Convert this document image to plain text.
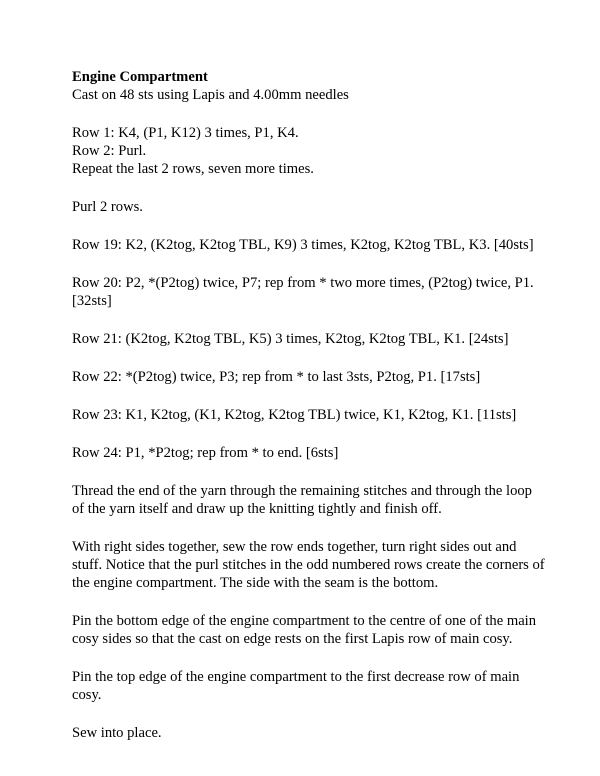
Engine Compartment

Cast on 48 sts using Lapis and 4.00mm needles

Row 1: K4, (P1, K12) 3 times, P1, K4.

Row 2: Purl.

Repeat the last 2 rows, seven more times.

Purl 2 rows.

Row 19: K2, (K2tog, K2tog TBL, K9) 3 times, K2tog, K2tog TBL, K3. [40sts]

Row 20: P2, *(P2tog) twice, P7; rep from * two more times, (P2tog) twice, P1.

[32sts]

Row 21: (K2tog, K2tog TBL, K5) 3 times, K2tog, K2tog TBL, K1. [24sts]

Row 22: *(P2tog) twice, P3; rep from * to last 3sts, P2tog, P1. [17sts]

Row 23: K1, K2tog, (K1, K2tog, K2tog TBL) twice, K1, K2tog, K1. [11sts]

Row 24: P1, *P2tog; rep from * to end. [6sts]

Thread the end of the yarn through the remaining stitches and through the loop

of the yarn itself and draw up the knitting tightly and finish off.

With right sides together, sew the row ends together, turn right sides out and

stuff. Notice that the purl stitches in the odd numbered rows create the corners of

the engine compartment. The side with the seam is the bottom.

Pin the bottom edge of the engine compartment to the centre of one of the main

cosy sides so that the cast on edge rests on the first Lapis row of main cosy.

Pin the top edge of the engine compartment to the first decrease row of main

cosy.

Sew into place.
